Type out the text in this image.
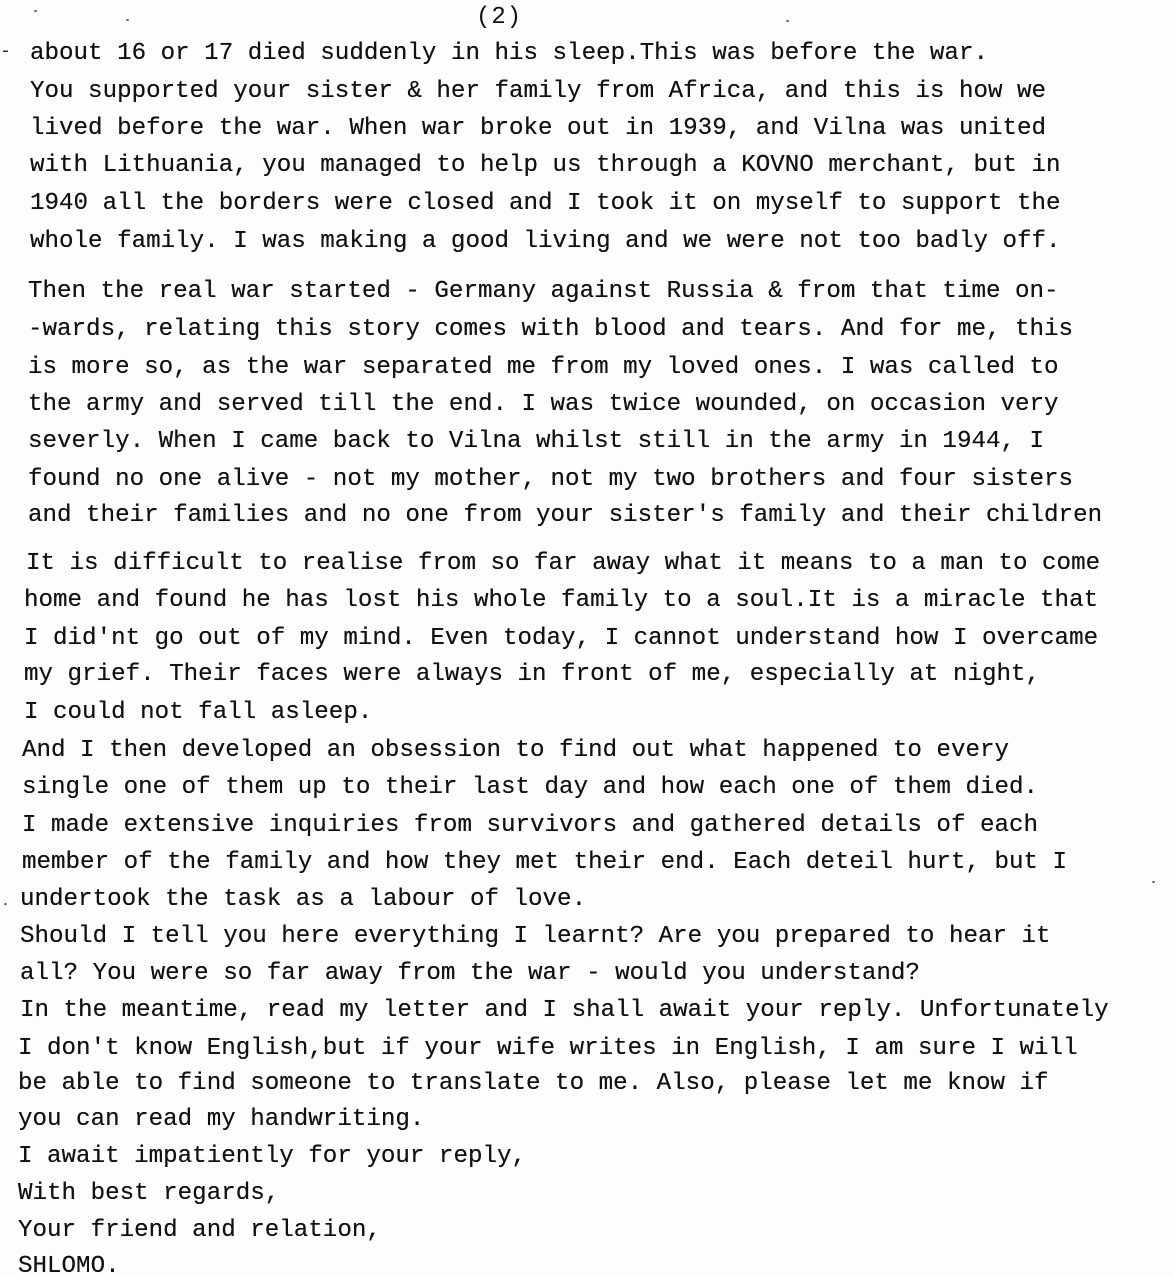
(2)
- about 16 or 17 died suddenly in his sleep.This was before the war.
You supported your sister & her family from Africa, and this is how we
lived before the war. When war broke out in 1939, and Vilna was united
with Lithuania, you managed to help us through a KOVNO merchant, but in
1940 all the borders were closed and I took it on myself to support the
whole family. I was making a good living and we were not too badly off.
Then the real war started - Germany against Russia & from that time on-
-wards, relating this story comes with blood and tears. And for me, this
is more so, as the war separated me from my loved ones. I was called to
the army and served till the end. I was twice wounded, on occasion very
severly. When I came back to Vilna whilst still in the army in 1944, I
found no one alive - not my mother, not my two brothers and four sisters
and their families and no one from your sister's family and their children
It is difficult to realise from so far away what it means to a man to come
home and found he has lost his whole family to a soul.It is a miracle that
I did'nt go out of my mind. Even today, I cannot understand how I overcame
my grief. Their faces were always in front of me, especially at night,
I could not fall asleep.
And I then developed an obsession to find out what happened to every
single one of them up to their last day and how each one of them died.
I made extensive inquiries from survivors and gathered details of each
member of the family and how they met their end. Each deteil hurt, but I
undertook the task as a labour of love.
Should I tell you here everything I learnt? Are you prepared to hear it
all? You were so far away from the war - would you understand?
In the meantime, read my letter and I shall await your reply. Unfortunately
I don't know English,but if your wife writes in English, I am sure I will
be able to find someone to translate to me. Also, please let me know if
you can read my handwriting.
I await impatiently for your reply,
With best regards,
Your friend and relation,
SHLOMO.
